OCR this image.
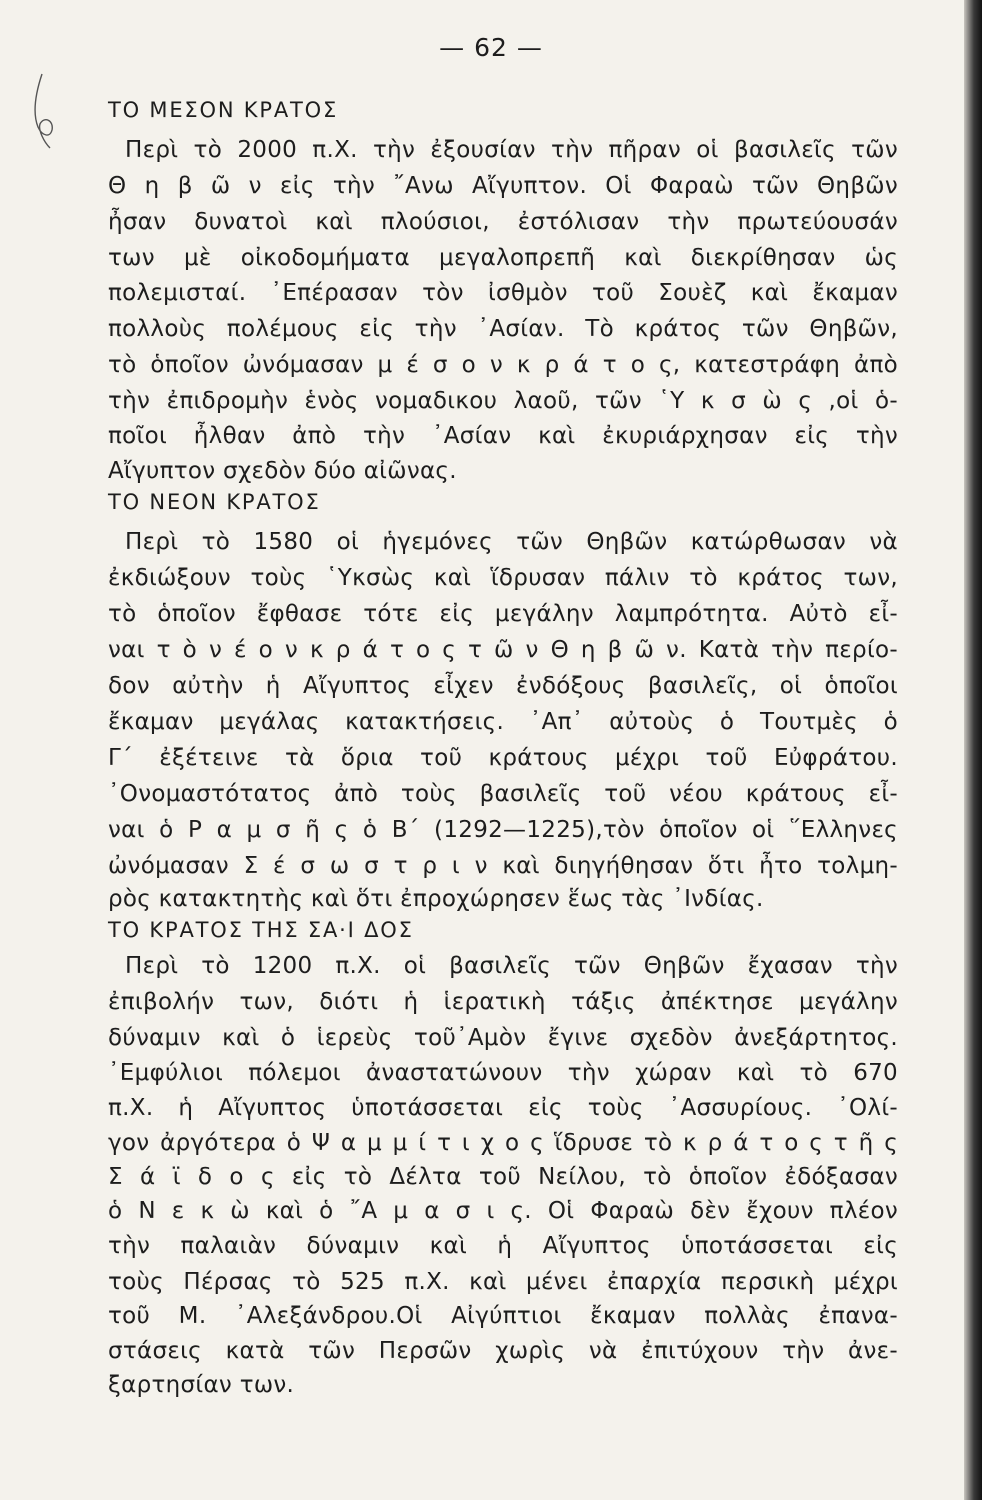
— 62 —
ΤΟ ΜΕΣΟΝ ΚΡΑΤΟΣ
Περὶ τὸ 2000 π.Χ. τὴν ἐξουσίαν τὴν πῆραν οἱ βασιλεῖς τῶν
Θ η β ῶ ν εἰς τὴν ῎Ανω Αἴγυπτον. Οἱ Φαραὼ τῶν Θηβῶν
ἦσαν δυνατοὶ καὶ πλούσιοι, ἐστόλισαν τὴν πρωτεύουσάν
των μὲ οἰκοδομήματα μεγαλοπρεπῆ καὶ διεκρίθησαν ὡς
πολεμισταί. ᾿Επέρασαν τὸν ἰσθμὸν τοῦ Σουὲζ καὶ ἔκαμαν
πολλοὺς πολέμους εἰς τὴν ᾿Ασίαν. Τὸ κράτος τῶν Θηβῶν,
τὸ ὁποῖον ὠνόμασαν μ έ σ ο ν κ ρ ά τ ο ς, κατεστράφη ἀπὸ
τὴν ἐπιδρομὴν ἑνὸς νομαδικου λαοῦ, τῶν ῾Υ κ σ ὼ ς ,οἱ ὁ-
ποῖοι ἦλθαν ἀπὸ τὴν ᾿Ασίαν καὶ ἐκυριάρχησαν εἰς τὴν
Αἴγυπτον σχεδὸν δύο αἰῶνας.
ΤΟ ΝΕΟΝ ΚΡΑΤΟΣ
Περὶ τὸ 1580 οἱ ἡγεμόνες τῶν Θηβῶν κατώρθωσαν νὰ
ἐκδιώξουν τοὺς ῾Υκσὼς καὶ ἵδρυσαν πάλιν τὸ κράτος των,
τὸ ὁποῖον ἔφθασε τότε εἰς μεγάλην λαμπρότητα. Αὐτὸ εἶ-
ναι τ ὸ ν έ ο ν κ ρ ά τ ο ς τ ῶ ν Θ η β ῶ ν. Κατὰ τὴν περίο-
δον αὐτὴν ἡ Αἴγυπτος εἶχεν ἐνδόξους βασιλεῖς, οἱ ὁποῖοι
ἔκαμαν μεγάλας κατακτήσεις. ᾿Απ᾿ αὐτοὺς ὁ Τουτμὲς ὁ
Γ΄ ἐξέτεινε τὰ ὅρια τοῦ κράτους μέχρι τοῦ Εὐφράτου.
᾿Ονομαστότατος ἀπὸ τοὺς βασιλεῖς τοῦ νέου κράτους εἶ-
ναι ὁ Ρ α μ σ ῆ ς ὁ Β΄ (1292—1225),τὸν ὁποῖον οἱ ῞Ελληνες
ὠνόμασαν Σ έ σ ω σ τ ρ ι ν καὶ διηγήθησαν ὅτι ἦτο τολμη-
ρὸς κατακτητὴς καὶ ὅτι ἐπροχώρησεν ἕως τὰς ᾿Ινδίας.
ΤΟ ΚΡΑΤΟΣ ΤΗΣ ΣΑ·Ι ΔΟΣ
Περὶ τὸ 1200 π.Χ. οἱ βασιλεῖς τῶν Θηβῶν ἔχασαν τὴν
ἐπιβολήν των, διότι ἡ ἱερατικὴ τάξις ἀπέκτησε μεγάλην
δύναμιν καὶ ὁ ἱερεὺς τοῦ᾿Αμὸν ἔγινε σχεδὸν ἀνεξάρτητος.
᾿Εμφύλιοι πόλεμοι ἀναστατώνουν τὴν χώραν καὶ τὸ 670
π.Χ. ἡ Αἴγυπτος ὑποτάσσεται εἰς τοὺς ᾿Ασσυρίους. ᾿Ολί-
γον ἀργότερα ὁ Ψ α μ μ ί τ ι χ ο ς ἵδρυσε τὸ κ ρ ά τ ο ς τ ῆ ς
Σ ά ϊ δ ο ς εἰς τὸ Δέλτα τοῦ Νείλου, τὸ ὁποῖον ἐδόξασαν
ὁ Ν ε κ ὼ καὶ ὁ ῎Α μ α σ ι ς. Οἱ Φαραὼ δὲν ἔχουν πλέον
τὴν παλαιὰν δύναμιν καὶ ἡ Αἴγυπτος ὑποτάσσεται εἰς
τοὺς Πέρσας τὸ 525 π.Χ. καὶ μένει ἐπαρχία περσικὴ μέχρι
τοῦ Μ. ᾿Αλεξάνδρου.Οἱ Αἰγύπτιοι ἔκαμαν πολλὰς ἐπανα-
στάσεις κατὰ τῶν Περσῶν χωρὶς νὰ ἐπιτύχουν τὴν ἀνε-
ξαρτησίαν των.
